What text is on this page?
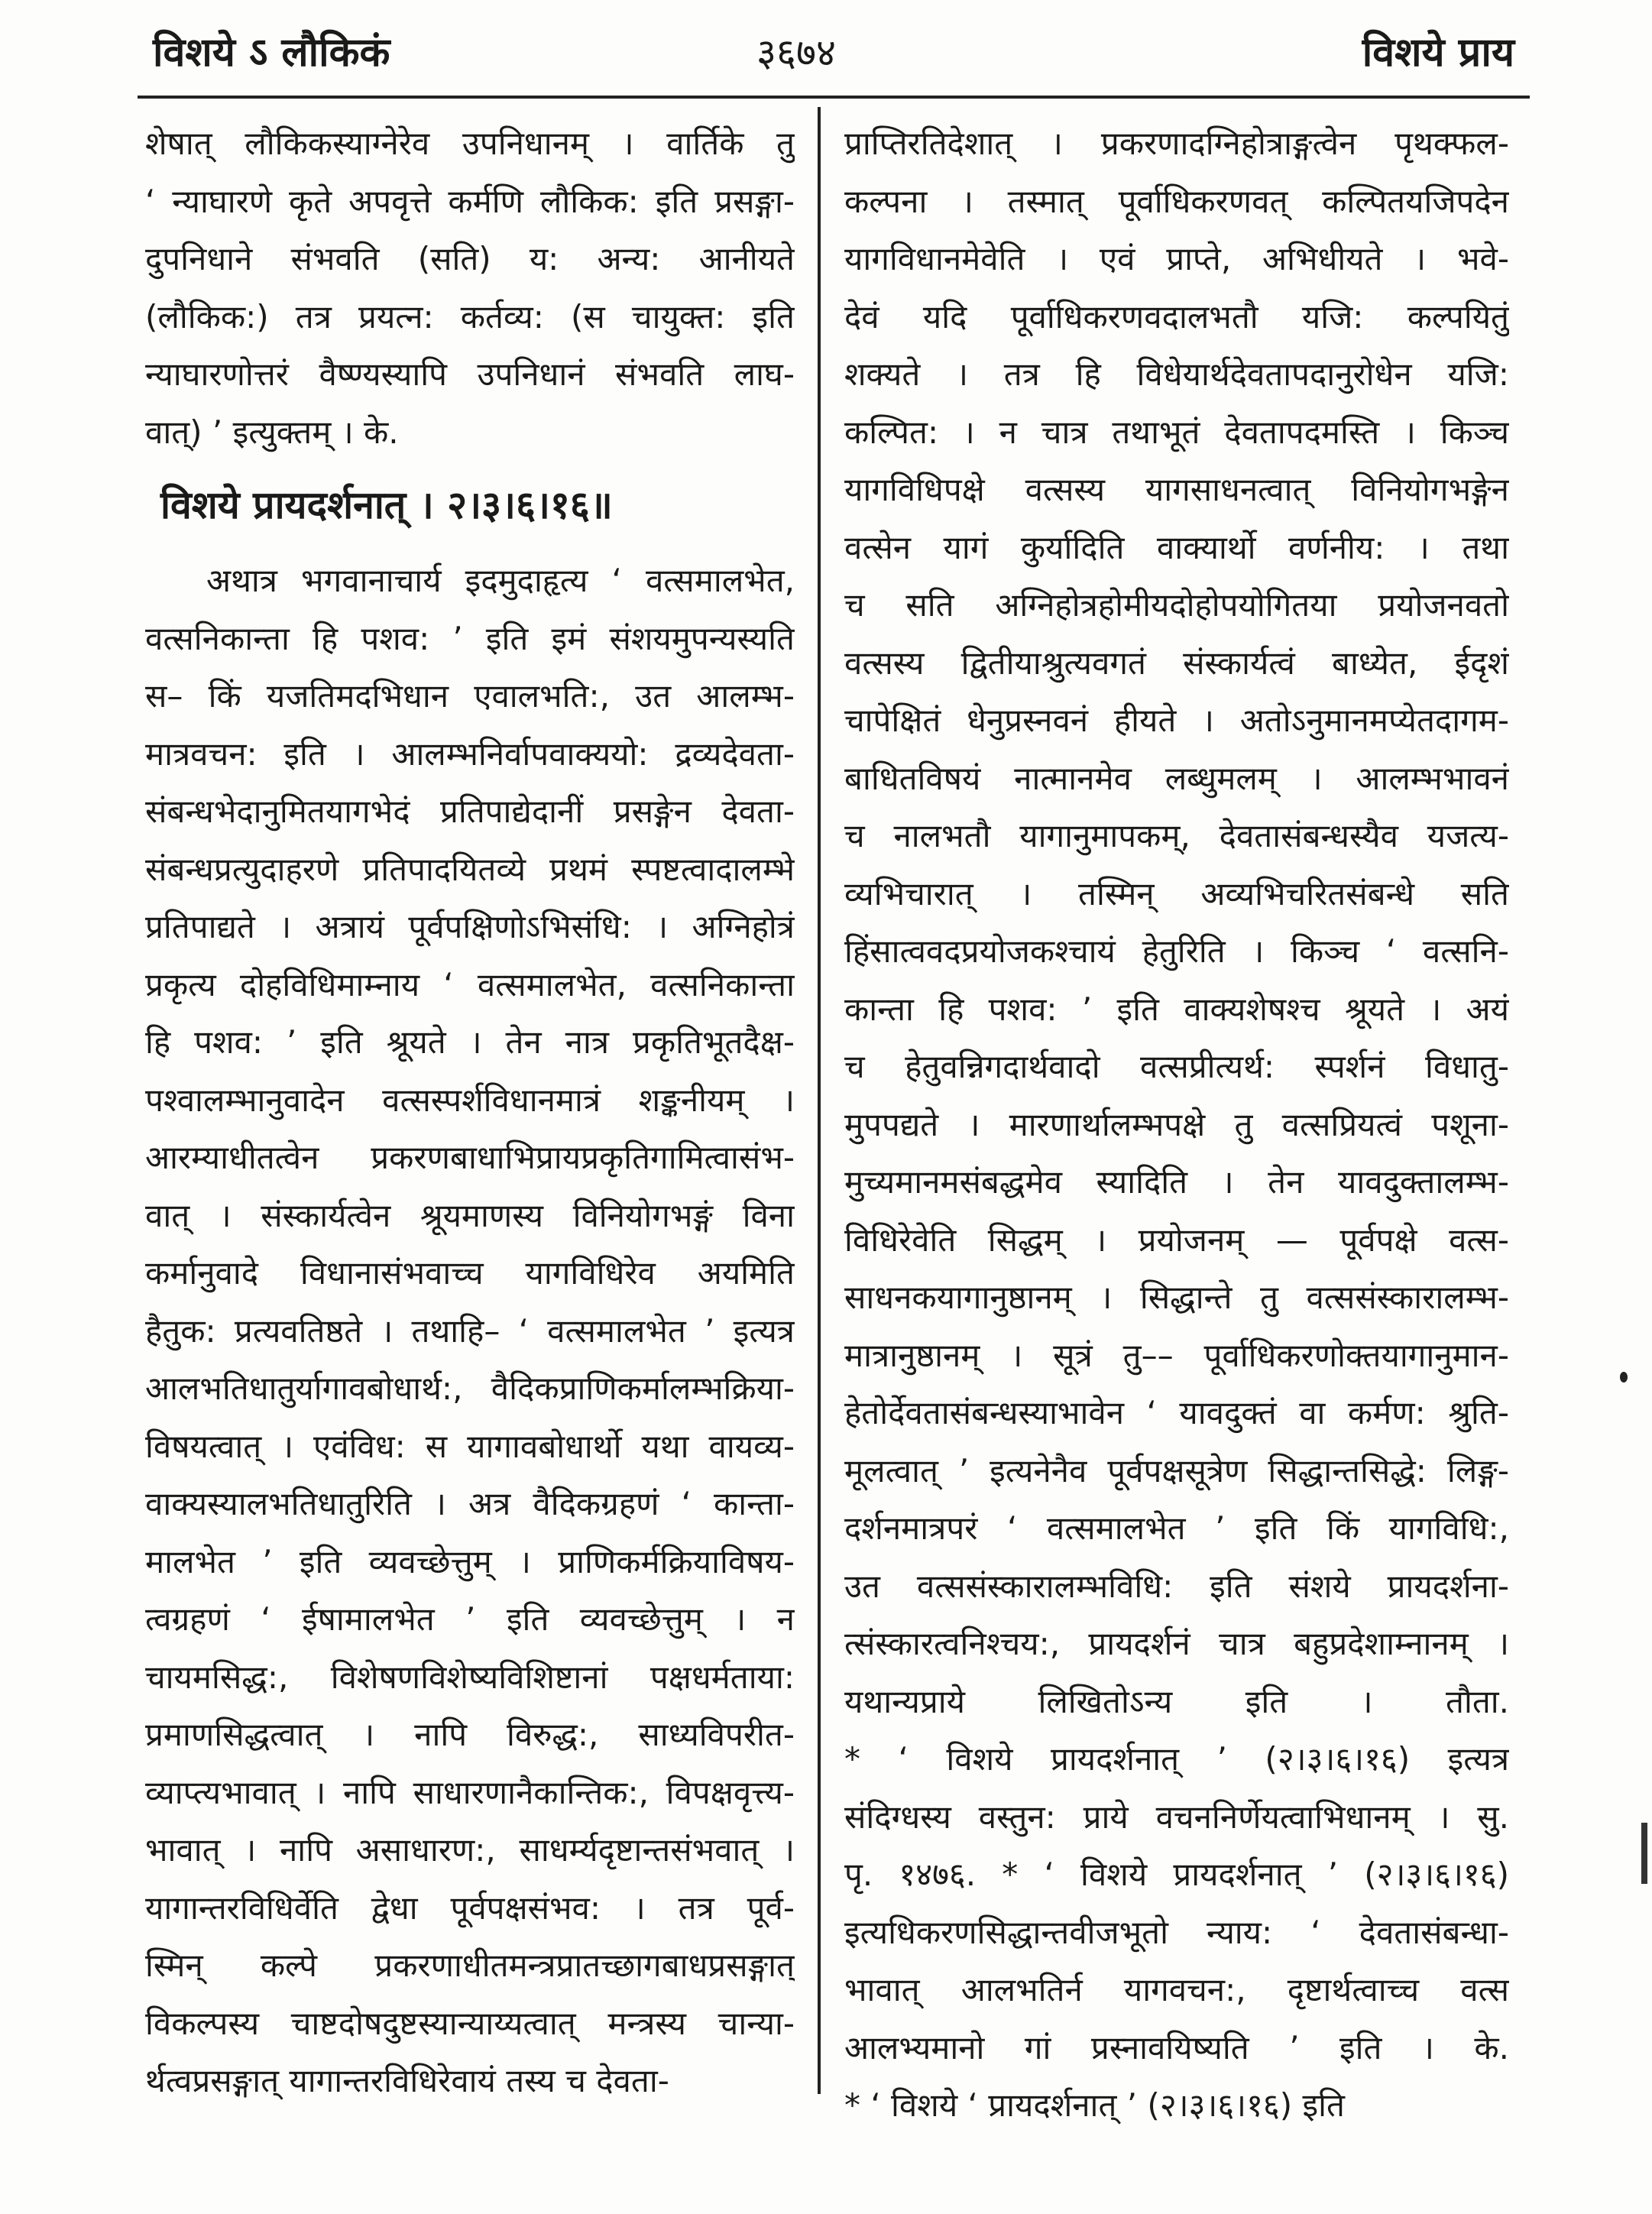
विशये ऽ लौकिकं	३६७४	विशये प्राय
शेषात् लौकिकस्याग्नेरेव उपनिधानम् । वार्तिके तु
‘ न्याघारणे कृते अपवृत्ते कर्मणि लौकिक: इति प्रसङ्गा-
दुपनिधाने संभवति (सति) य: अन्य: आनीयते
(लौकिक:) तत्र प्रयत्न: कर्तव्य: (स चायुक्त: इति
न्याघारणोत्तरं वैष्ण्यस्यापि उपनिधानं संभवति लाघ-
वात्) ’ इत्युक्तम् । के.
विशये प्रायदर्शनात् । २।३।६।१६॥
अथात्र भगवानाचार्य इदमुदाहृत्य ‘ वत्समालभेत,
वत्सनिकान्ता हि पशव: ’ इति इमं संशयमुपन्यस्यति
स– किं यजतिमदभिधान एवालभति:, उत आलम्भ-
मात्रवचन: इति । आलम्भनिर्वापवाक्ययो: द्रव्यदेवता-
संबन्धभेदानुमितयागभेदं प्रतिपाद्येदानीं प्रसङ्गेन देवता-
संबन्धप्रत्युदाहरणे प्रतिपादयितव्ये प्रथमं स्पष्टत्वादालम्भे
प्रतिपाद्यते । अत्रायं पूर्वपक्षिणोऽभिसंधि: । अग्निहोत्रं
प्रकृत्य दोहविधिमाम्नाय ‘ वत्समालभेत, वत्सनिकान्ता
हि पशव: ’ इति श्रूयते । तेन नात्र प्रकृतिभूतदैक्ष-
पश्वालम्भानुवादेन वत्सस्पर्शविधानमात्रं शङ्कनीयम् ।
आरम्याधीतत्वेन प्रकरणबाधाभिप्रायप्रकृतिगामित्वासंभ-
वात् । संस्कार्यत्वेन श्रूयमाणस्य विनियोगभङ्गं विना
कर्मानुवादे विधानासंभवाच्च यागविधिरेव अयमिति
हैतुक: प्रत्यवतिष्ठते । तथाहि– ‘ वत्समालभेत ’ इत्यत्र
आलभतिधातुर्यागावबोधार्थ:, वैदिकप्राणिकर्मालम्भक्रिया-
विषयत्वात् । एवंविध: स यागावबोधार्थो यथा वायव्य-
वाक्यस्यालभतिधातुरिति । अत्र वैदिकग्रहणं ‘ कान्ता-
मालभेत ’ इति व्यवच्छेत्तुम् । प्राणिकर्मक्रियाविषय-
त्वग्रहणं ‘ ईषामालभेत ’ इति व्यवच्छेत्तुम् । न
चायमसिद्ध:, विशेषणविशेष्यविशिष्टानां पक्षधर्मताया:
प्रमाणसिद्धत्वात् । नापि विरुद्ध:, साध्यविपरीत-
व्याप्त्यभावात् । नापि साधारणानैकान्तिक:, विपक्षवृत्त्य-
भावात् । नापि असाधारण:, साधर्म्यदृष्टान्तसंभवात् ।
यागान्तरविधिर्वेति द्वेधा पूर्वपक्षसंभव: । तत्र पूर्व-
स्मिन् कल्पे प्रकरणाधीतमन्त्रप्रातच्छागबाधप्रसङ्गात्
विकल्पस्य चाष्टदोषदुष्टस्यान्याय्यत्वात् मन्त्रस्य चान्या-
र्थत्वप्रसङ्गात् यागान्तरविधिरेवायं तस्य च देवता-
प्राप्तिरतिदेशात् । प्रकरणादग्निहोत्राङ्गत्वेन पृथक्फल-
कल्पना । तस्मात् पूर्वाधिकरणवत् कल्पितयजिपदेन
यागविधानमेवेति । एवं प्राप्ते, अभिधीयते । भवे-
देवं यदि पूर्वाधिकरणवदालभतौ यजि: कल्पयितुं
शक्यते । तत्र हि विधेयार्थदेवतापदानुरोधेन यजि:
कल्पित: । न चात्र तथाभूतं देवतापदमस्ति । किञ्च
यागविधिपक्षे वत्सस्य यागसाधनत्वात् विनियोगभङ्गेन
वत्सेन यागं कुर्यादिति वाक्यार्थो वर्णनीय: । तथा
च सति अग्निहोत्रहोमीयदोहोपयोगितया प्रयोजनवतो
वत्सस्य द्वितीयाश्रुत्यवगतं संस्कार्यत्वं बाध्येत, ईदृशं
चापेक्षितं धेनुप्रस्नवनं हीयते । अतोऽनुमानमप्येतदागम-
बाधितविषयं नात्मानमेव लब्धुमलम् । आलम्भभावनं
च नालभतौ यागानुमापकम्, देवतासंबन्धस्यैव यजत्य-
व्यभिचारात् । तस्मिन् अव्यभिचरितसंबन्धे सति
हिंसात्ववदप्रयोजकश्चायं हेतुरिति । किञ्च ‘ वत्सनि-
कान्ता हि पशव: ’ इति वाक्यशेषश्च श्रूयते । अयं
च हेतुवन्निगदार्थवादो वत्सप्रीत्यर्थ: स्पर्शनं विधातु-
मुपपद्यते । मारणार्थालम्भपक्षे तु वत्सप्रियत्वं पशूना-
मुच्यमानमसंबद्धमेव स्यादिति । तेन यावदुक्तालम्भ-
विधिरेवेति सिद्धम् । प्रयोजनम् — पूर्वपक्षे वत्स-
साधनकयागानुष्ठानम् । सिद्धान्ते तु वत्ससंस्कारालम्भ-
मात्रानुष्ठानम् । सूत्रं तु–– पूर्वाधिकरणोक्तयागानुमान-
हेतोर्देवतासंबन्धस्याभावेन ‘ यावदुक्तं वा कर्मण: श्रुति-
मूलत्वात् ’ इत्यनेनैव पूर्वपक्षसूत्रेण सिद्धान्तसिद्धे: लिङ्ग-
दर्शनमात्रपरं ‘ वत्समालभेत ’ इति किं यागविधि:,
उत वत्ससंस्कारालम्भविधि: इति संशये प्रायदर्शना-
त्संस्कारत्वनिश्चय:, प्रायदर्शनं चात्र बहुप्रदेशाम्नानम् ।
यथान्यप्राये लिखितोऽन्य इति । तौता.
* ‘ विशये प्रायदर्शनात् ’ (२।३।६।१६) इत्यत्र
संदिग्धस्य वस्तुन: प्राये वचननिर्णेयत्वाभिधानम् । सु.
पृ. १४७६. * ‘ विशये प्रायदर्शनात् ’ (२।३।६।१६)
इत्यधिकरणसिद्धान्तवीजभूतो न्याय: ‘ देवतासंबन्धा-
भावात् आलभतिर्न यागवचन:, दृष्टार्थत्वाच्च वत्स
आलभ्यमानो गां प्रस्नावयिष्यति ’ इति । के.
* ‘ विशये ‘ प्रायदर्शनात् ’ (२।३।६।१६) इति
